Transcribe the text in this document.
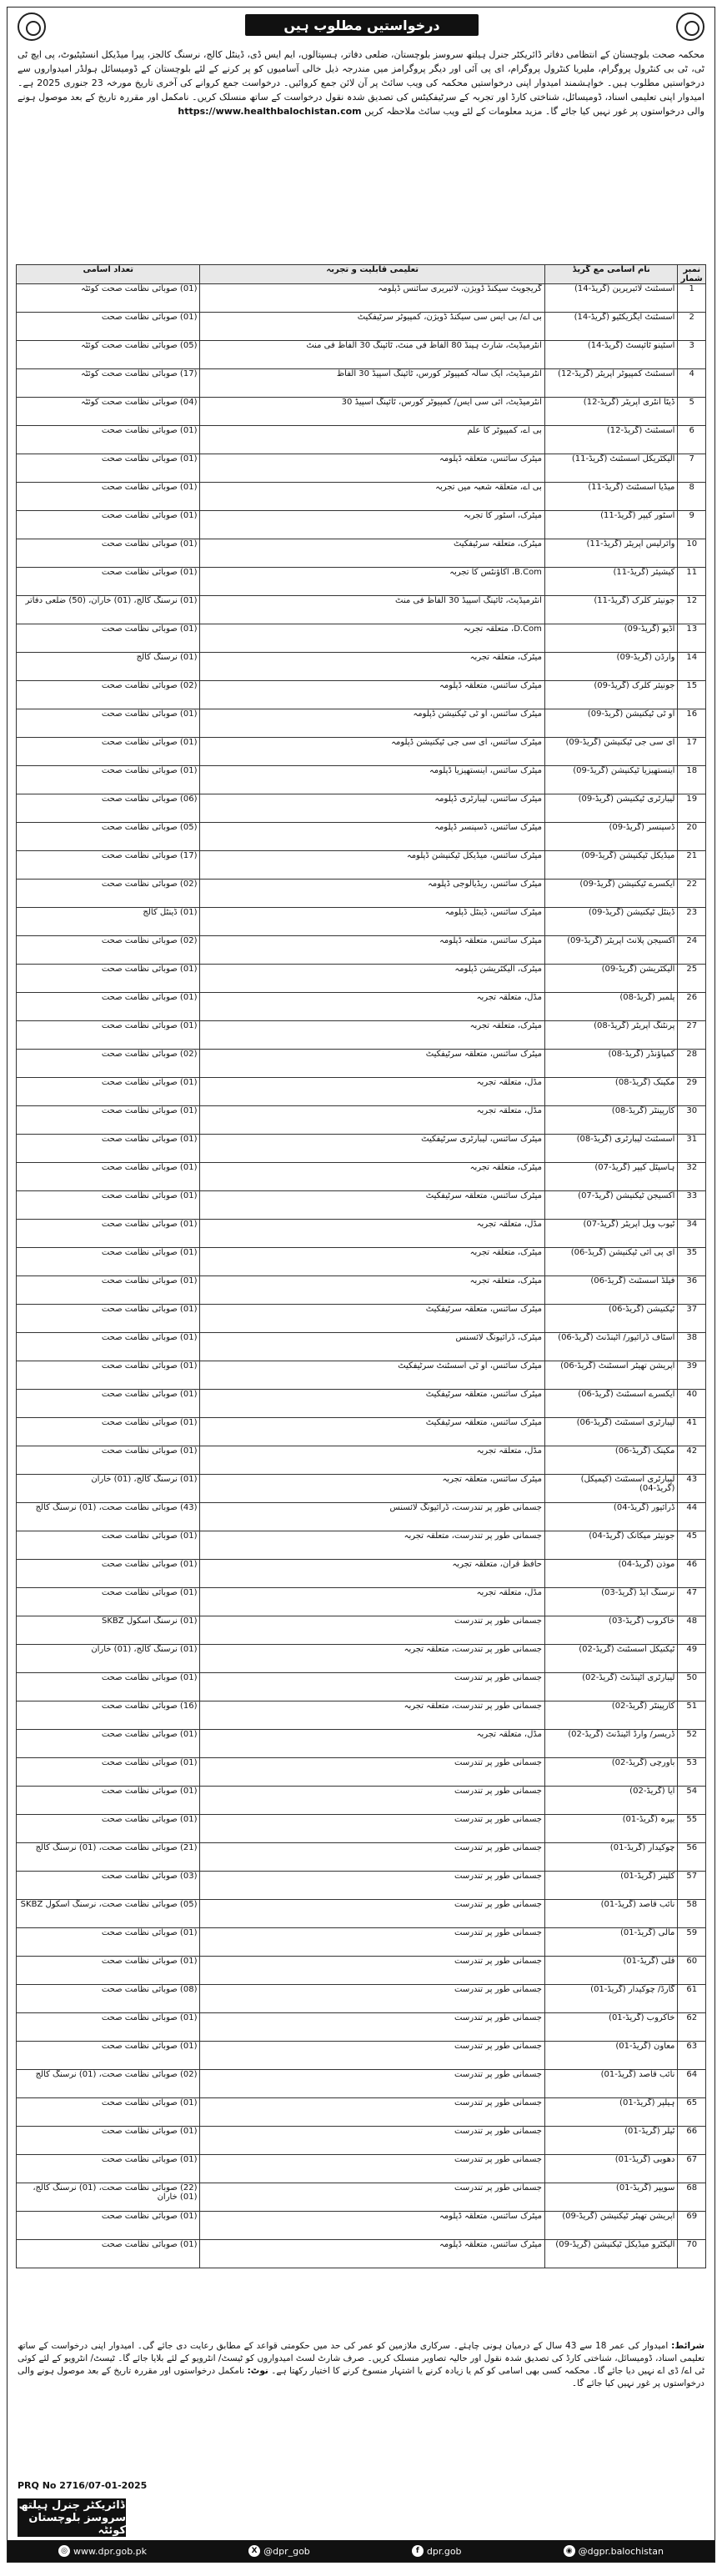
درخواستیں مطلوب ہیں
محکمہ صحت بلوچستان کے انتظامی دفاتر ڈائریکٹر جنرل ہیلتھ سروسز بلوچستان، ضلعی دفاتر، ہسپتالوں، ایم ایس ڈی، ڈینٹل کالج، نرسنگ کالجز، پیرا میڈیکل انسٹیٹیوٹ، پی ایچ ٹی ٹی، ٹی بی کنٹرول پروگرام، ملیریا کنٹرول پروگرام، ای پی آئی اور دیگر پروگرامز میں مندرجہ ذیل خالی آسامیوں کو پر کرنے کے لئے بلوچستان کے ڈومیسائل ہولڈر امیدواروں سے درخواستیں مطلوب ہیں۔ خواہشمند امیدوار اپنی درخواستیں محکمہ کی ویب سائٹ پر آن لائن جمع کروائیں۔ درخواست جمع کروانے کی آخری تاریخ مورخہ 23 جنوری 2025 ہے۔ امیدوار اپنی تعلیمی اسناد، ڈومیسائل، شناختی کارڈ اور تجربہ کے سرٹیفکیٹس کی تصدیق شدہ نقول درخواست کے ساتھ منسلک کریں۔ نامکمل اور مقررہ تاریخ کے بعد موصول ہونے والی درخواستوں پر غور نہیں کیا جائے گا۔ مزید معلومات کے لئے ویب سائٹ ملاحظہ کریں https://www.healthbalochistan.com
نمبر شمار	نام اسامی مع گریڈ	تعلیمی قابلیت و تجربہ	تعداد اسامی
1	اسسٹنٹ لائبریرین (گریڈ-14)	گریجویٹ سیکنڈ ڈویژن، لائبریری سائنس ڈپلومہ	(01) صوبائی نظامت صحت کوئٹہ
2	اسسٹنٹ ایگزیکٹیو (گریڈ-14)	بی اے/ بی ایس سی سیکنڈ ڈویژن، کمپیوٹر سرٹیفکیٹ	(01) صوبائی نظامت صحت
3	اسٹینو ٹائپسٹ (گریڈ-14)	انٹرمیڈیٹ، شارٹ ہینڈ 80 الفاظ فی منٹ، ٹائپنگ 30 الفاظ فی منٹ	(05) صوبائی نظامت صحت کوئٹہ
4	اسسٹنٹ کمپیوٹر آپریٹر (گریڈ-12)	انٹرمیڈیٹ، ایک سالہ کمپیوٹر کورس، ٹائپنگ اسپیڈ 30 الفاظ	(17) صوبائی نظامت صحت کوئٹہ
5	ڈیٹا انٹری آپریٹر (گریڈ-12)	انٹرمیڈیٹ، آئی سی ایس/ کمپیوٹر کورس، ٹائپنگ اسپیڈ 30	(04) صوبائی نظامت صحت کوئٹہ
6	اسسٹنٹ (گریڈ-12)	بی اے، کمپیوٹر کا علم	(01) صوبائی نظامت صحت
7	الیکٹریکل اسسٹنٹ (گریڈ-11)	میٹرک سائنس، متعلقہ ڈپلومہ	(01) صوبائی نظامت صحت
8	میڈیا اسسٹنٹ (گریڈ-11)	بی اے، متعلقہ شعبہ میں تجربہ	(01) صوبائی نظامت صحت
9	اسٹور کیپر (گریڈ-11)	میٹرک، اسٹور کا تجربہ	(01) صوبائی نظامت صحت
10	وائرلیس آپریٹر (گریڈ-11)	میٹرک، متعلقہ سرٹیفکیٹ	(01) صوبائی نظامت صحت
11	کیشیئر (گریڈ-11)	B.Com، اکاؤنٹس کا تجربہ	(01) صوبائی نظامت صحت
12	جونیئر کلرک (گریڈ-11)	انٹرمیڈیٹ، ٹائپنگ اسپیڈ 30 الفاظ فی منٹ	(01) نرسنگ کالج، (01) خاران، (50) ضلعی دفاتر
13	آڈیو (گریڈ-09)	D.Com، متعلقہ تجربہ	(01) صوبائی نظامت صحت
14	وارڈن (گریڈ-09)	میٹرک، متعلقہ تجربہ	(01) نرسنگ کالج
15	جونیئر کلرک (گریڈ-09)	میٹرک سائنس، متعلقہ ڈپلومہ	(02) صوبائی نظامت صحت
16	او ٹی ٹیکنیشن (گریڈ-09)	میٹرک سائنس، او ٹی ٹیکنیشن ڈپلومہ	(01) صوبائی نظامت صحت
17	ای سی جی ٹیکنیشن (گریڈ-09)	میٹرک سائنس، ای سی جی ٹیکنیشن ڈپلومہ	(01) صوبائی نظامت صحت
18	اینستھیزیا ٹیکنیشن (گریڈ-09)	میٹرک سائنس، اینستھیزیا ڈپلومہ	(01) صوبائی نظامت صحت
19	لیبارٹری ٹیکنیشن (گریڈ-09)	میٹرک سائنس، لیبارٹری ڈپلومہ	(06) صوبائی نظامت صحت
20	ڈسپنسر (گریڈ-09)	میٹرک سائنس، ڈسپنسر ڈپلومہ	(05) صوبائی نظامت صحت
21	میڈیکل ٹیکنیشن (گریڈ-09)	میٹرک سائنس، میڈیکل ٹیکنیشن ڈپلومہ	(17) صوبائی نظامت صحت
22	ایکسرے ٹیکنیشن (گریڈ-09)	میٹرک سائنس، ریڈیالوجی ڈپلومہ	(02) صوبائی نظامت صحت
23	ڈینٹل ٹیکنیشن (گریڈ-09)	میٹرک سائنس، ڈینٹل ڈپلومہ	(01) ڈینٹل کالج
24	آکسیجن پلانٹ آپریٹر (گریڈ-09)	میٹرک سائنس، متعلقہ ڈپلومہ	(02) صوبائی نظامت صحت
25	الیکٹریشن (گریڈ-09)	میٹرک، الیکٹریشن ڈپلومہ	(01) صوبائی نظامت صحت
26	پلمبر (گریڈ-08)	مڈل، متعلقہ تجربہ	(01) صوبائی نظامت صحت
27	پرنٹنگ آپریٹر (گریڈ-08)	میٹرک، متعلقہ تجربہ	(01) صوبائی نظامت صحت
28	کمپاؤنڈر (گریڈ-08)	میٹرک سائنس، متعلقہ سرٹیفکیٹ	(02) صوبائی نظامت صحت
29	مکینک (گریڈ-08)	مڈل، متعلقہ تجربہ	(01) صوبائی نظامت صحت
30	کارپینٹر (گریڈ-08)	مڈل، متعلقہ تجربہ	(01) صوبائی نظامت صحت
31	اسسٹنٹ لیبارٹری (گریڈ-08)	میٹرک سائنس، لیبارٹری سرٹیفکیٹ	(01) صوبائی نظامت صحت
32	ہاسپٹل کیپر (گریڈ-07)	میٹرک، متعلقہ تجربہ	(01) صوبائی نظامت صحت
33	آکسیجن ٹیکنیشن (گریڈ-07)	میٹرک سائنس، متعلقہ سرٹیفکیٹ	(01) صوبائی نظامت صحت
34	ٹیوب ویل آپریٹر (گریڈ-07)	مڈل، متعلقہ تجربہ	(01) صوبائی نظامت صحت
35	ای پی آئی ٹیکنیشن (گریڈ-06)	میٹرک، متعلقہ تجربہ	(01) صوبائی نظامت صحت
36	فیلڈ اسسٹنٹ (گریڈ-06)	میٹرک، متعلقہ تجربہ	(01) صوبائی نظامت صحت
37	ٹیکنیشن (گریڈ-06)	میٹرک سائنس، متعلقہ سرٹیفکیٹ	(01) صوبائی نظامت صحت
38	اسٹاف ڈرائیور/ اٹینڈنٹ (گریڈ-06)	میٹرک، ڈرائیونگ لائسنس	(01) صوبائی نظامت صحت
39	آپریشن تھیٹر اسسٹنٹ (گریڈ-06)	میٹرک سائنس، او ٹی اسسٹنٹ سرٹیفکیٹ	(01) صوبائی نظامت صحت
40	ایکسرے اسسٹنٹ (گریڈ-06)	میٹرک سائنس، متعلقہ سرٹیفکیٹ	(01) صوبائی نظامت صحت
41	لیبارٹری اسسٹنٹ (گریڈ-06)	میٹرک سائنس، متعلقہ سرٹیفکیٹ	(01) صوبائی نظامت صحت
42	مکینک (گریڈ-06)	مڈل، متعلقہ تجربہ	(01) صوبائی نظامت صحت
43	لیبارٹری اسسٹنٹ (کیمیکل) (گریڈ-04)	میٹرک سائنس، متعلقہ تجربہ	(01) نرسنگ کالج، (01) خاران
44	ڈرائیور (گریڈ-04)	جسمانی طور پر تندرست، ڈرائیونگ لائسنس	(43) صوبائی نظامت صحت، (01) نرسنگ کالج
45	جونیئر میکانک (گریڈ-04)	جسمانی طور پر تندرست، متعلقہ تجربہ	(01) صوبائی نظامت صحت
46	موذن (گریڈ-04)	حافظ قرآن، متعلقہ تجربہ	(01) صوبائی نظامت صحت
47	نرسنگ ایڈ (گریڈ-03)	مڈل، متعلقہ تجربہ	(01) صوبائی نظامت صحت
48	خاکروب (گریڈ-03)	جسمانی طور پر تندرست	(01) نرسنگ اسکول SKBZ
49	ٹیکنیکل اسسٹنٹ (گریڈ-02)	جسمانی طور پر تندرست، متعلقہ تجربہ	(01) نرسنگ کالج، (01) خاران
50	لیبارٹری اٹینڈنٹ (گریڈ-02)	جسمانی طور پر تندرست	(01) صوبائی نظامت صحت
51	کارپینٹر (گریڈ-02)	جسمانی طور پر تندرست، متعلقہ تجربہ	(16) صوبائی نظامت صحت
52	ڈریسر/ وارڈ اٹینڈنٹ (گریڈ-02)	مڈل، متعلقہ تجربہ	(01) صوبائی نظامت صحت
53	باورچی (گریڈ-02)	جسمانی طور پر تندرست	(01) صوبائی نظامت صحت
54	آیا (گریڈ-02)	جسمانی طور پر تندرست	(01) صوبائی نظامت صحت
55	بیرہ (گریڈ-01)	جسمانی طور پر تندرست	(01) صوبائی نظامت صحت
56	چوکیدار (گریڈ-01)	جسمانی طور پر تندرست	(21) صوبائی نظامت صحت، (01) نرسنگ کالج
57	کلینر (گریڈ-01)	جسمانی طور پر تندرست	(03) صوبائی نظامت صحت
58	نائب قاصد (گریڈ-01)	جسمانی طور پر تندرست	(05) صوبائی نظامت صحت، نرسنگ اسکول SKBZ
59	مالی (گریڈ-01)	جسمانی طور پر تندرست	(01) صوبائی نظامت صحت
60	قلی (گریڈ-01)	جسمانی طور پر تندرست	(01) صوبائی نظامت صحت
61	گارڈ/ چوکیدار (گریڈ-01)	جسمانی طور پر تندرست	(08) صوبائی نظامت صحت
62	خاکروب (گریڈ-01)	جسمانی طور پر تندرست	(01) صوبائی نظامت صحت
63	معاون (گریڈ-01)	جسمانی طور پر تندرست	(01) صوبائی نظامت صحت
64	نائب قاصد (گریڈ-01)	جسمانی طور پر تندرست	(02) صوبائی نظامت صحت، (01) نرسنگ کالج
65	ہیلپر (گریڈ-01)	جسمانی طور پر تندرست	(01) صوبائی نظامت صحت
66	ٹیلر (گریڈ-01)	جسمانی طور پر تندرست	(01) صوبائی نظامت صحت
67	دھوبی (گریڈ-01)	جسمانی طور پر تندرست	(01) صوبائی نظامت صحت
68	سویپر (گریڈ-01)	جسمانی طور پر تندرست	(22) صوبائی نظامت صحت، (01) نرسنگ کالج، (01) خاران
69	آپریشن تھیٹر ٹیکنیشن (گریڈ-09)	میٹرک سائنس، متعلقہ ڈپلومہ	(01) صوبائی نظامت صحت
70	الیکٹرو میڈیکل ٹیکنیشن (گریڈ-09)	میٹرک سائنس، متعلقہ ڈپلومہ	(01) صوبائی نظامت صحت
شرائط: امیدوار کی عمر 18 سے 43 سال کے درمیان ہونی چاہئے۔ سرکاری ملازمین کو عمر کی حد میں حکومتی قواعد کے مطابق رعایت دی جائے گی۔ امیدوار اپنی درخواست کے ساتھ تعلیمی اسناد، ڈومیسائل، شناختی کارڈ کی تصدیق شدہ نقول اور حالیہ تصاویر منسلک کریں۔ صرف شارٹ لسٹ امیدواروں کو ٹیسٹ/ انٹرویو کے لئے بلایا جائے گا۔ ٹیسٹ/ انٹرویو کے لئے کوئی ٹی اے/ ڈی اے نہیں دیا جائے گا۔ محکمہ کسی بھی اسامی کو کم یا زیادہ کرنے یا اشتہار منسوخ کرنے کا اختیار رکھتا ہے۔ نوٹ: نامکمل درخواستوں اور مقررہ تاریخ کے بعد موصول ہونے والی درخواستوں پر غور نہیں کیا جائے گا۔
PRQ No 2716/07-01-2025
ڈائریکٹر جنرل ہیلتھ
سروسز بلوچستان کوئٹہ
◎ www.dpr.gob.pk	X @dpr_gob	f dpr.gob	◉ @dgpr.balochistan
